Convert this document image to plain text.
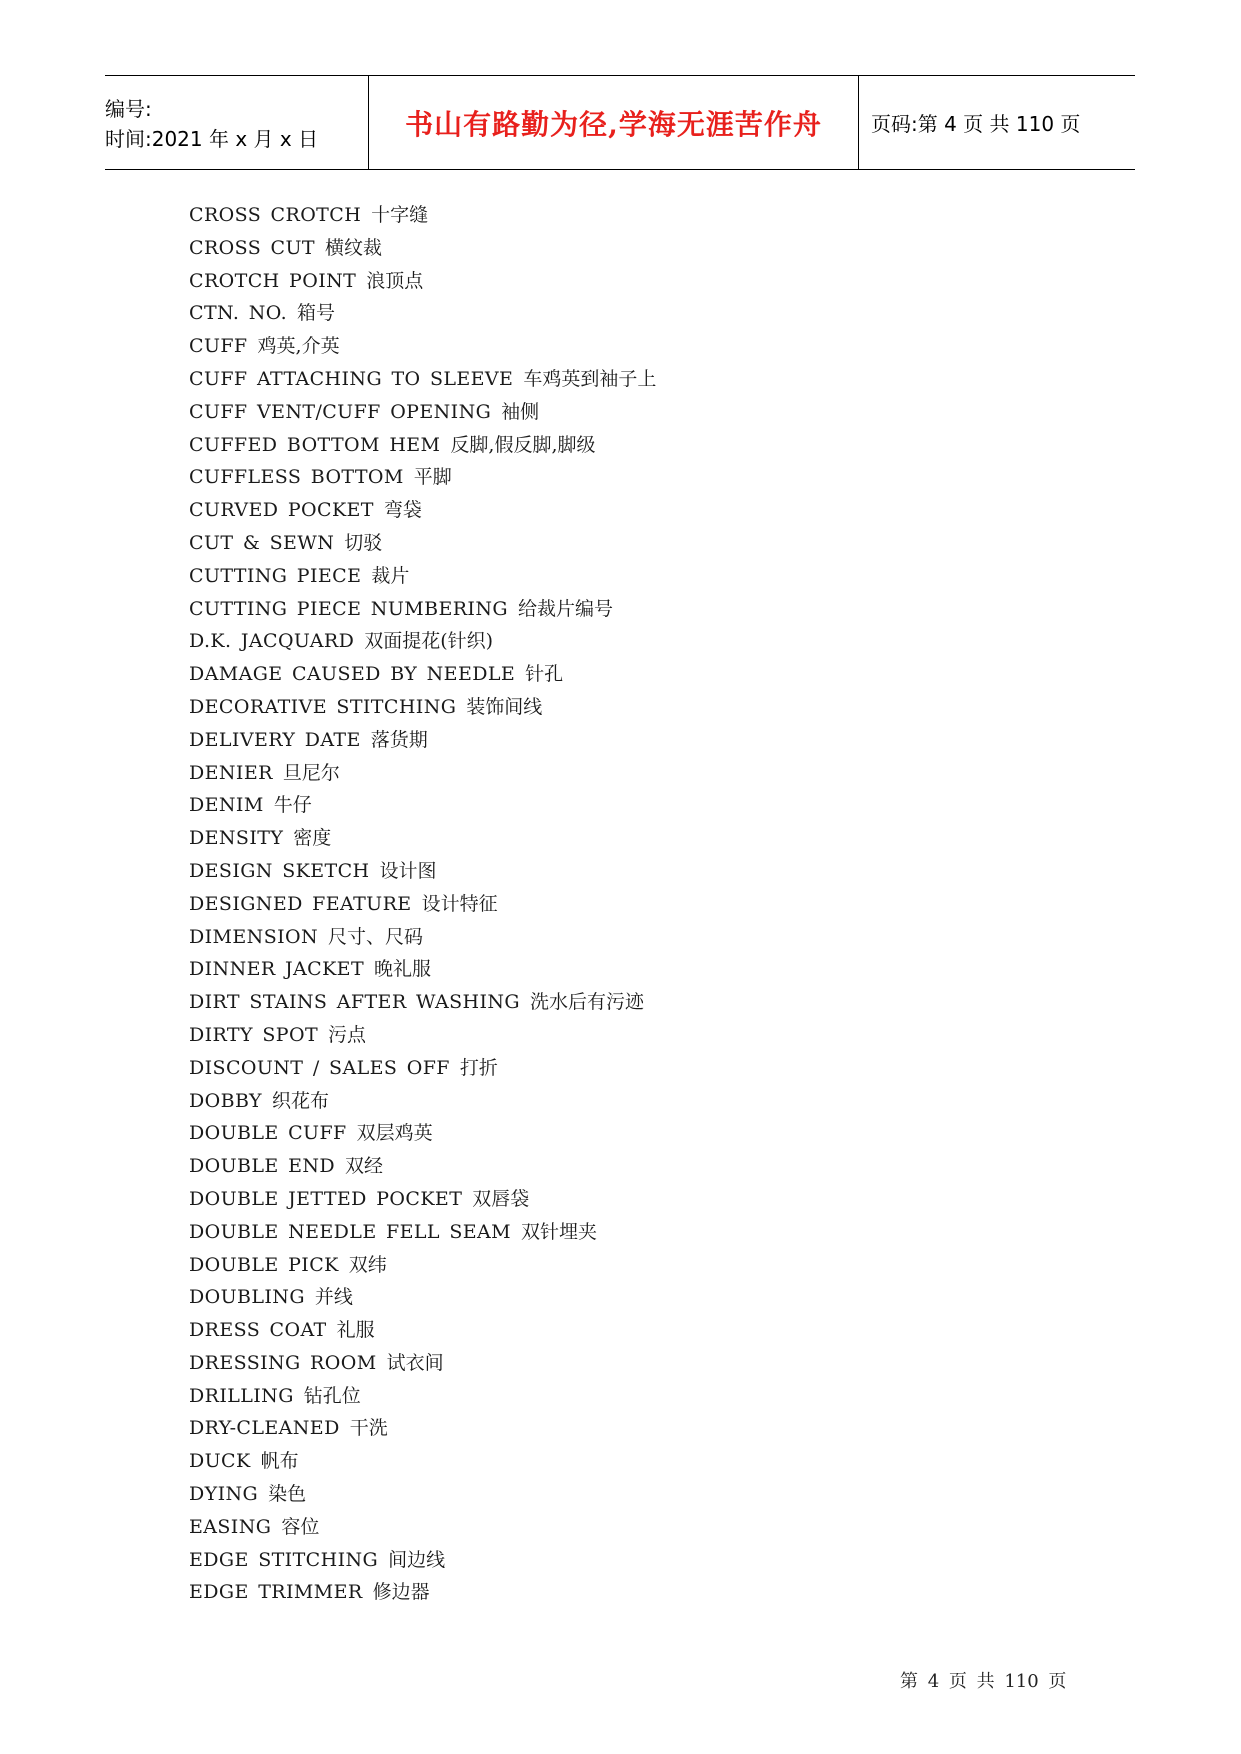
编号:
时间:2021 年 x 月 x 日	书山有路勤为径,学海无涯苦作舟	页码:第 4 页 共 110 页
CROSS CROTCH 十字缝
CROSS CUT 横纹裁
CROTCH POINT 浪顶点
CTN. NO. 箱号
CUFF 鸡英,介英
CUFF ATTACHING TO SLEEVE 车鸡英到袖子上
CUFF VENT/CUFF OPENING 袖侧
CUFFED BOTTOM HEM 反脚,假反脚,脚级
CUFFLESS BOTTOM 平脚
CURVED POCKET 弯袋
CUT & SEWN 切驳
CUTTING PIECE 裁片
CUTTING PIECE NUMBERING 给裁片编号
D.K. JACQUARD 双面提花(针织)
DAMAGE CAUSED BY NEEDLE 针孔
DECORATIVE STITCHING 装饰间线
DELIVERY DATE 落货期
DENIER 旦尼尔
DENIM 牛仔
DENSITY 密度
DESIGN SKETCH 设计图
DESIGNED FEATURE 设计特征
DIMENSION 尺寸、尺码
DINNER JACKET 晚礼服
DIRT STAINS AFTER WASHING 洗水后有污迹
DIRTY SPOT 污点
DISCOUNT / SALES OFF 打折
DOBBY 织花布
DOUBLE CUFF 双层鸡英
DOUBLE END 双经
DOUBLE JETTED POCKET 双唇袋
DOUBLE NEEDLE FELL SEAM 双针埋夹
DOUBLE PICK 双纬
DOUBLING 并线
DRESS COAT 礼服
DRESSING ROOM 试衣间
DRILLING 钻孔位
DRY-CLEANED 干洗
DUCK 帆布
DYING 染色
EASING 容位
EDGE STITCHING 间边线
EDGE TRIMMER 修边器
第 4 页 共 110 页
